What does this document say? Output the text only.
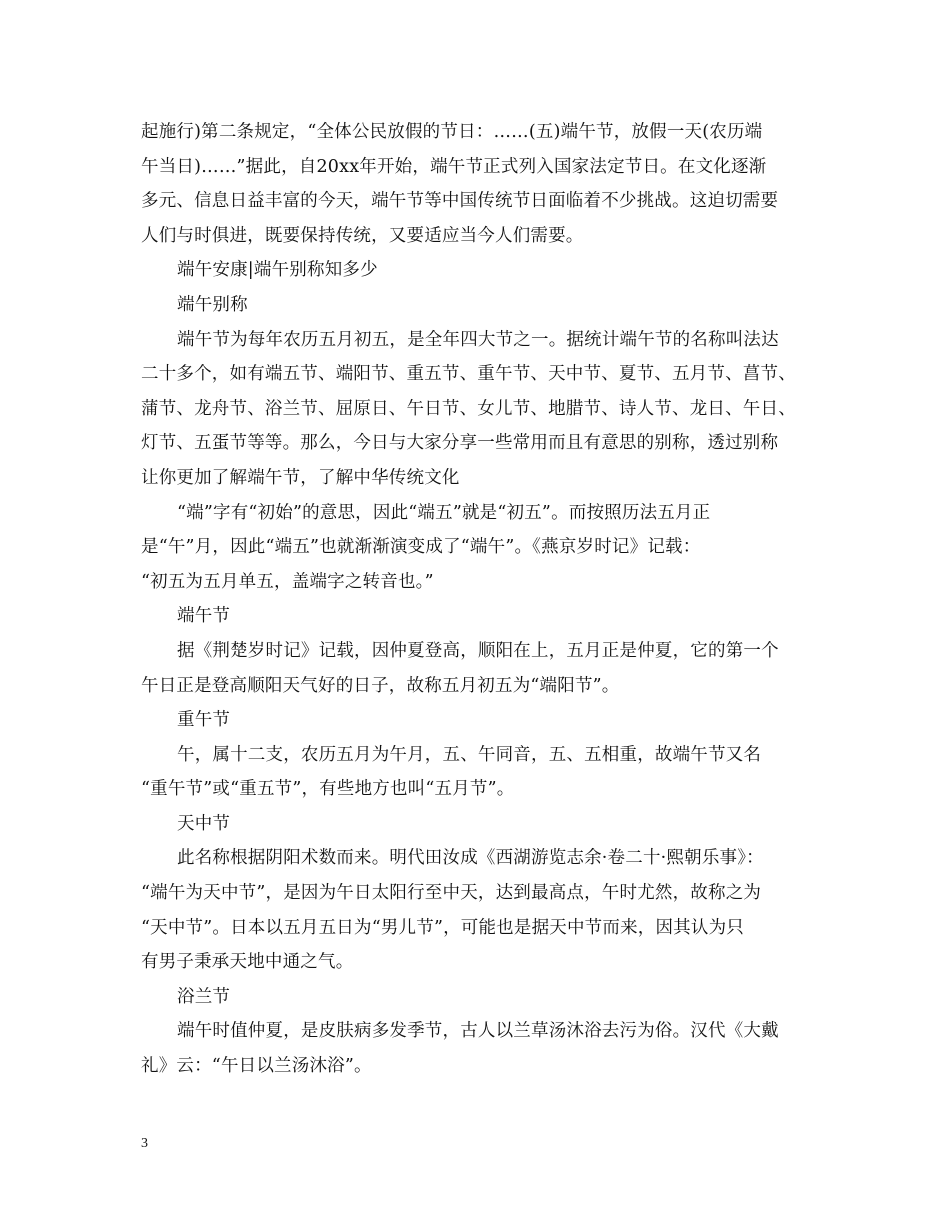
起施行)第二条规定，“全体公民放假的节日：……(五)端午节，放假一天(农历端
午当日)……”据此，自20xx年开始，端午节正式列入国家法定节日。在文化逐渐
多元、信息日益丰富的今天，端午节等中国传统节日面临着不少挑战。这迫切需要
人们与时俱进，既要保持传统，又要适应当今人们需要。
端午安康|端午别称知多少
端午别称
端午节为每年农历五月初五，是全年四大节之一。据统计端午节的名称叫法达
二十多个，如有端五节、端阳节、重五节、重午节、天中节、夏节、五月节、菖节、
蒲节、龙舟节、浴兰节、屈原日、午日节、女儿节、地腊节、诗人节、龙日、午日、
灯节、五蛋节等等。那么，今日与大家分享一些常用而且有意思的别称，透过别称
让你更加了解端午节，了解中华传统文化
“端”字有“初始”的意思，因此“端五”就是“初五”。而按照历法五月正
是“午”月，因此“端五”也就渐渐演变成了“端午”。《燕京岁时记》记载：
“初五为五月单五，盖端字之转音也。”
端午节
据《荆楚岁时记》记载，因仲夏登高，顺阳在上，五月正是仲夏，它的第一个
午日正是登高顺阳天气好的日子，故称五月初五为“端阳节”。
重午节
午，属十二支，农历五月为午月，五、午同音，五、五相重，故端午节又名
“重午节”或“重五节”，有些地方也叫“五月节”。
天中节
此名称根据阴阳术数而来。明代田汝成《西湖游览志余·卷二十·熙朝乐事》：
“端午为天中节”，是因为午日太阳行至中天，达到最高点，午时尤然，故称之为
“天中节”。日本以五月五日为“男儿节”，可能也是据天中节而来，因其认为只
有男子秉承天地中通之气。
浴兰节
端午时值仲夏，是皮肤病多发季节，古人以兰草汤沐浴去污为俗。汉代《大戴
礼》云：“午日以兰汤沐浴”。
3
